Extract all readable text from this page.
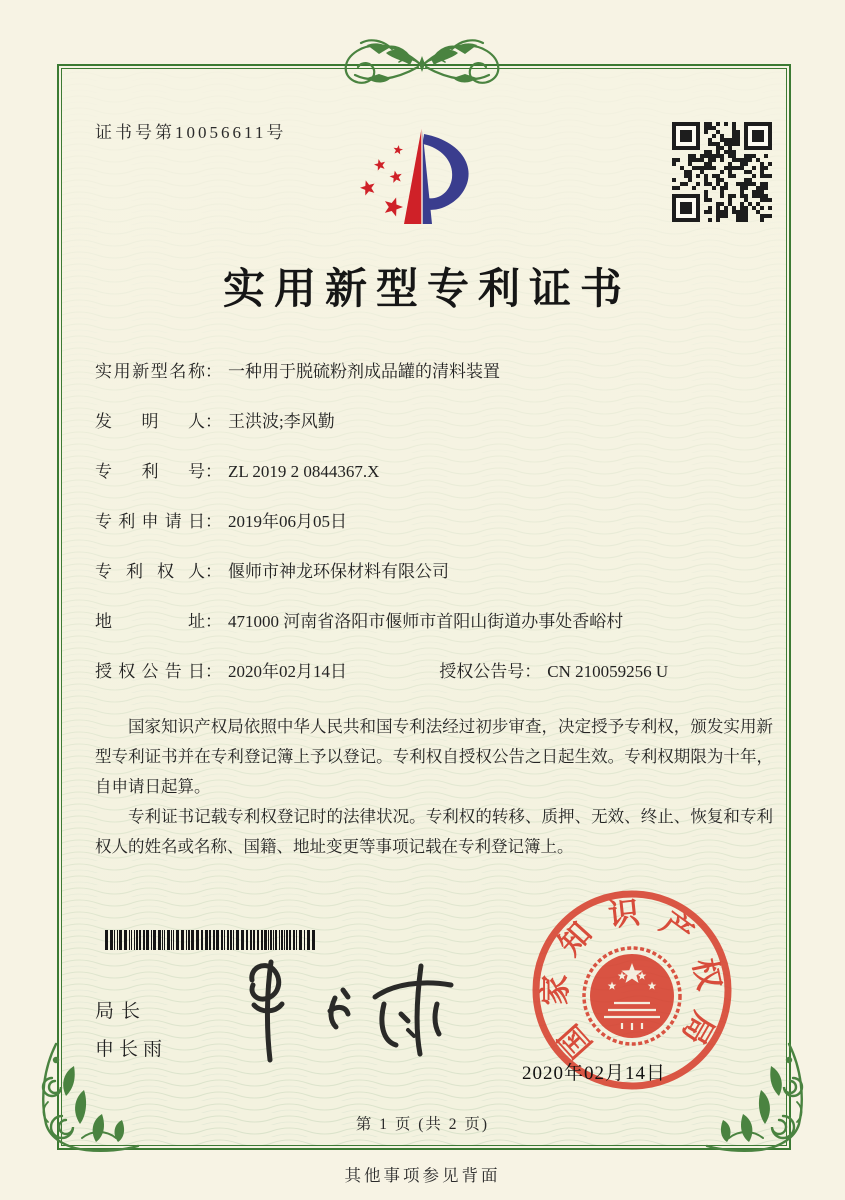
证书号第10056611号
实用新型专利证书
实用新型名称： 一种用于脱硫粉剂成品罐的清料装置
发明人： 王洪波;李风勤
专利号： ZL 2019 2 0844367.X
专利申请日： 2019年06月05日
专利权人： 偃师市神龙环保材料有限公司
地址： 471000 河南省洛阳市偃师市首阳山街道办事处香峪村
授权公告日： 2020年02月14日	授权公告号： CN 210059256 U

国家知识产权局依照中华人民共和国专利法经过初步审查，决定授予专利权，颁发实用新型专利证书并在专利登记簿上予以登记。专利权自授权公告之日起生效。专利权期限为十年，自申请日起算。

专利证书记载专利权登记时的法律状况。专利权的转移、质押、无效、终止、恢复和专利权人的姓名或名称、国籍、地址变更等事项记载在专利登记簿上。

局长
申长雨	国
家
知
识 产
权
局
2020年02月14日
第 1 页 (共 2 页)
其他事项参见背面
